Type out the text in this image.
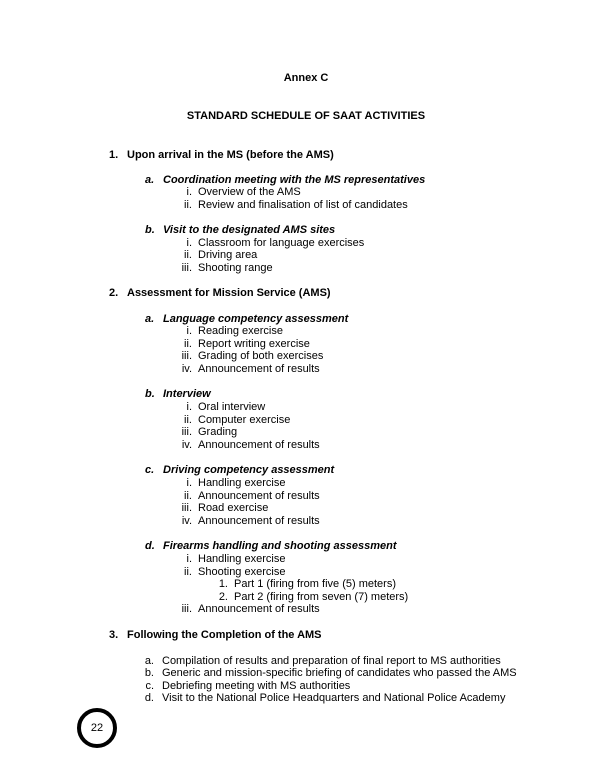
Annex C
STANDARD SCHEDULE OF SAAT ACTIVITIES
1. Upon arrival in the MS (before the AMS)
a. Coordination meeting with the MS representatives
i. Overview of the AMS
ii. Review and finalisation of list of candidates
b. Visit to the designated AMS sites
i. Classroom for language exercises
ii. Driving area
iii. Shooting range
2. Assessment for Mission Service (AMS)
a. Language competency assessment
i. Reading exercise
ii. Report writing exercise
iii. Grading of both exercises
iv. Announcement of results
b. Interview
i. Oral interview
ii. Computer exercise
iii. Grading
iv. Announcement of results
c. Driving competency assessment
i. Handling exercise
ii. Announcement of results
iii. Road exercise
iv. Announcement of results
d. Firearms handling and shooting assessment
i. Handling exercise
ii. Shooting exercise
1. Part 1 (firing from five (5) meters)
2. Part 2 (firing from seven (7) meters)
iii. Announcement of results
3. Following the Completion of the AMS
a. Compilation of results and preparation of final report to MS authorities
b. Generic and mission-specific briefing of candidates who passed the AMS
c. Debriefing meeting with MS authorities
d. Visit to the National Police Headquarters and National Police Academy
22
